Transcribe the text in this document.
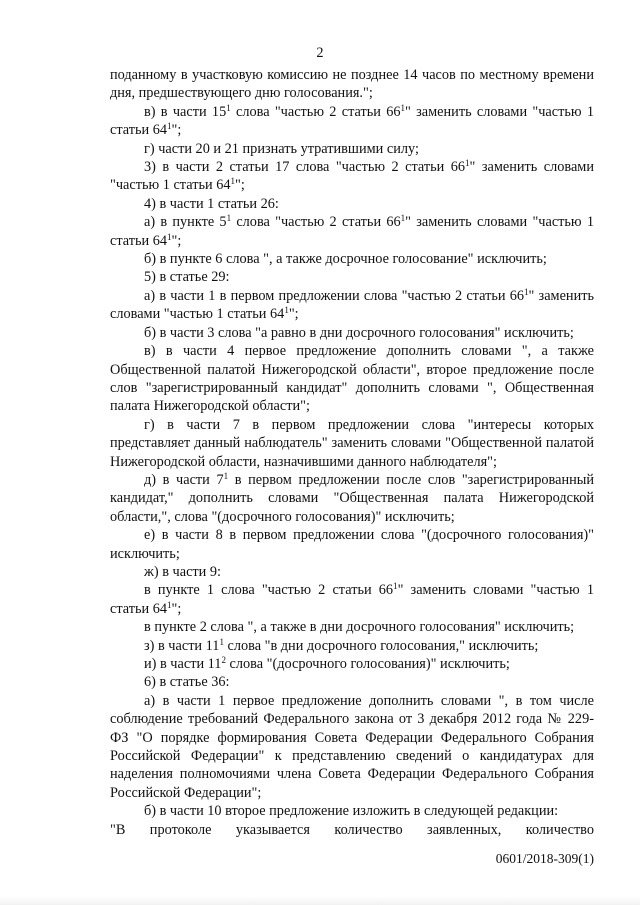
2

поданному в участковую комиссию не позднее 14 часов по местному времени дня, предшествующего дню голосования.";

в) в части $15^1$ слова "частью 2 статьи $66^1$" заменить словами "частью 1 статьи $64^1$";

г) части 20 и 21 признать утратившими силу;

3) в части 2 статьи 17 слова "частью 2 статьи $66^1$" заменить словами "частью 1 статьи $64^1$";

4) в части 1 статьи 26:

а) в пункте $5^1$ слова "частью 2 статьи $66^1$" заменить словами "частью 1 статьи $64^1$";

б) в пункте 6 слова ", а также досрочное голосование" исключить;

5) в статье 29:

а) в части 1 в первом предложении слова "частью 2 статьи $66^1$" заменить словами "частью 1 статьи $64^1$";

б) в части 3 слова "а равно в дни досрочного голосования" исключить;

в) в части 4 первое предложение дополнить словами ", а также Общественной палатой Нижегородской области", второе предложение после слов "зарегистрированный кандидат" дополнить словами ", Общественная палата Нижегородской области";

г) в части 7 в первом предложении слова "интересы которых представляет данный наблюдатель" заменить словами "Общественной палатой Нижегородской области, назначившими данного наблюдателя";

д) в части $7^1$ в первом предложении после слов "зарегистрированный кандидат," дополнить словами "Общественная палата Нижегородской области,", слова "(досрочного голосования)" исключить;

е) в части 8 в первом предложении слова "(досрочного голосования)" исключить;

ж) в части 9:

в пункте 1 слова "частью 2 статьи $66^1$" заменить словами "частью 1 статьи $64^1$";

в пункте 2 слова ", а также в дни досрочного голосования" исключить;

з) в части $11^1$ слова "в дни досрочного голосования," исключить;

и) в части $11^2$ слова "(досрочного голосования)" исключить;

6) в статье 36:

а) в части 1 первое предложение дополнить словами ", в том числе соблюдение требований Федерального закона от 3 декабря 2012 года № 229-ФЗ "О порядке формирования Совета Федерации Федерального Собрания Российской Федерации" к представлению сведений о кандидатурах для наделения полномочиями члена Совета Федерации Федерального Собрания Российской Федерации";

б) в части 10 второе предложение изложить в следующей редакции:

"В протоколе указывается количество заявленных, количество

0601/2018-309(1)
